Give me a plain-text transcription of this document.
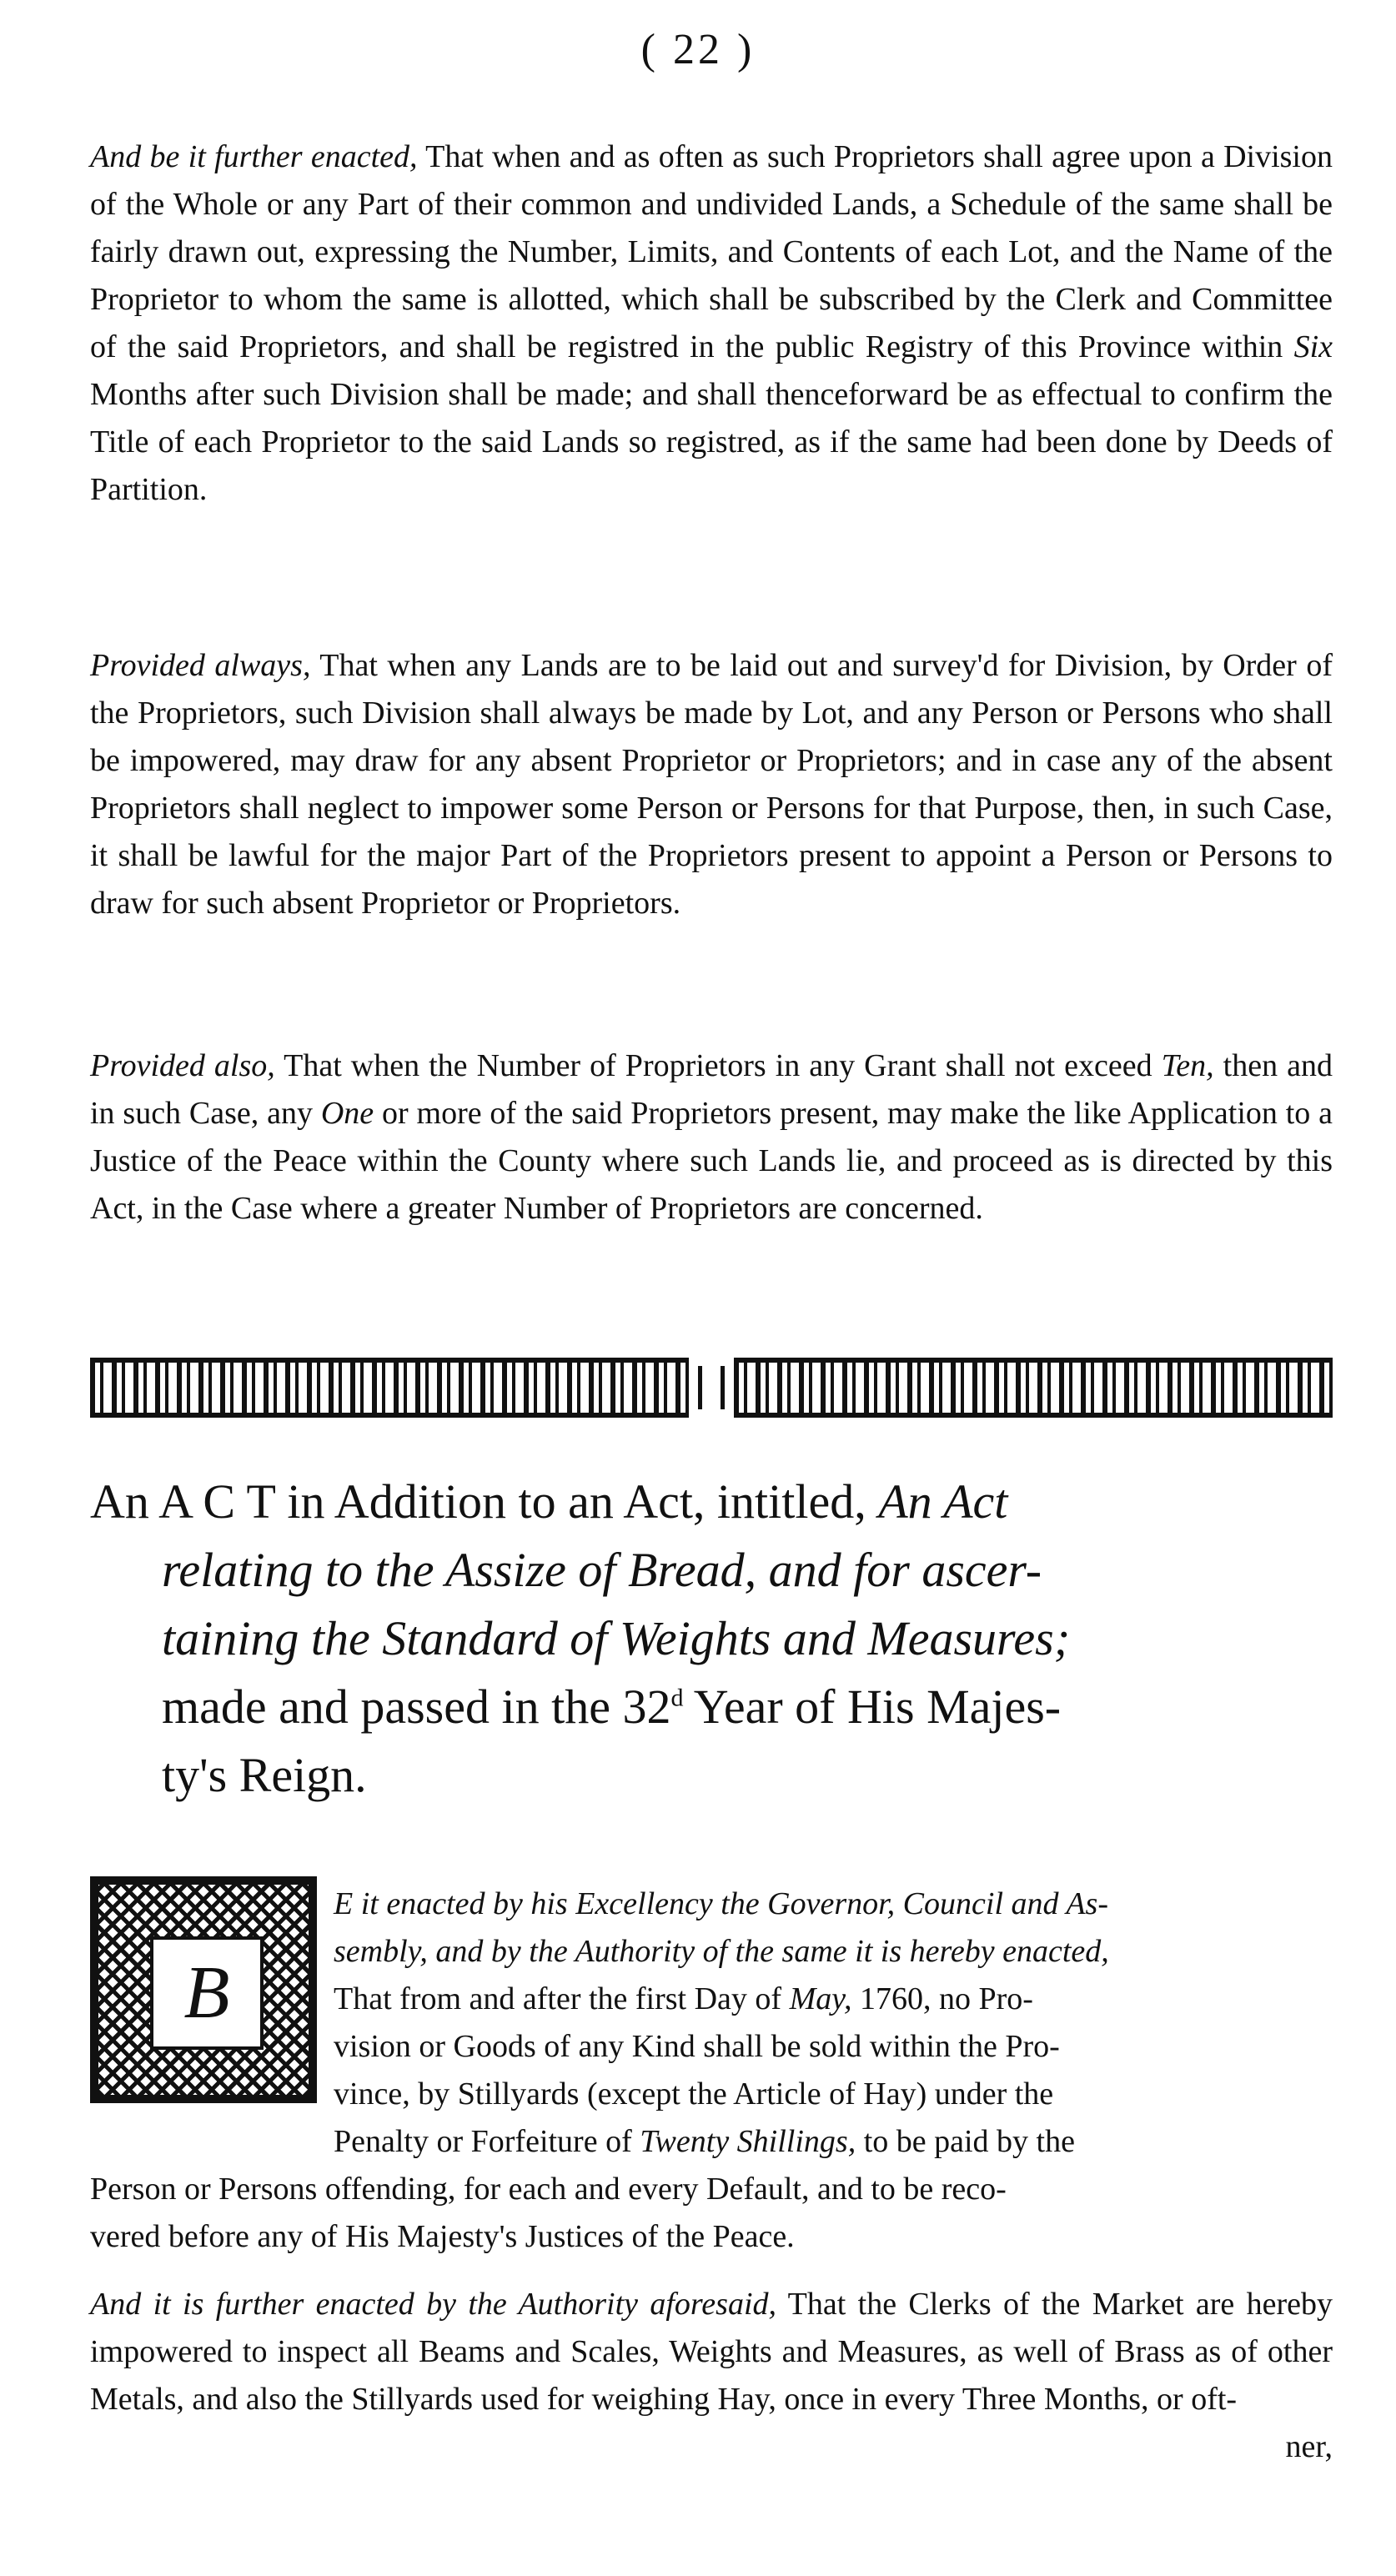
( 22 )

And be it further enacted, That when and as often as such Proprietors shall agree upon a Division of the Whole or any Part of their common and undivided Lands, a Schedule of the same shall be fairly drawn out, expressing the Number, Limits, and Contents of each Lot, and the Name of the Proprietor to whom the same is allotted, which shall be subscribed by the Clerk and Committee of the said Proprietors, and shall be registred in the public Registry of this Province within Six Months after such Division shall be made; and shall thenceforward be as effectual to confirm the Title of each Proprietor to the said Lands so registred, as if the same had been done by Deeds of Partition.

Provided always, That when any Lands are to be laid out and survey'd for Division, by Order of the Proprietors, such Division shall always be made by Lot, and any Person or Persons who shall be impowered, may draw for any absent Proprietor or Proprietors; and in case any of the absent Proprietors shall neglect to impower some Person or Persons for that Purpose, then, in such Case, it shall be lawful for the major Part of the Proprietors present to appoint a Person or Persons to draw for such absent Proprietor or Proprietors.

Provided also, That when the Number of Proprietors in any Grant shall not exceed Ten, then and in such Case, any One or more of the said Proprietors present, may make the like Application to a Justice of the Peace within the County where such Lands lie, and proceed as is directed by this Act, in the Case where a greater Number of Proprietors are concerned.

An A C T in Addition to an Act, intitled, An Act
relating to the Assize of Bread, and for ascer-
taining the Standard of Weights and Measures;
made and passed in the 32$^d$ Year of His Majes-
ty's Reign.
B

E it enacted by his Excellency the Governor, Council and As-
sembly, and by the Authority of the same it is hereby enacted,
That from and after the first Day of May, 1760, no Pro-
vision or Goods of any Kind shall be sold within the Pro-
vince, by Stillyards (except the Article of Hay) under the
Penalty or Forfeiture of Twenty Shillings, to be paid by the
Person or Persons offending, for each and every Default, and to be reco-
vered before any of His Majesty's Justices of the Peace.

And it is further enacted by the Authority aforesaid, That the Clerks of the Market are hereby impowered to inspect all Beams and Scales, Weights and Measures, as well of Brass as of other Metals, and also the Stillyards used for weighing Hay, once in every Three Months, or oft-
ner,
